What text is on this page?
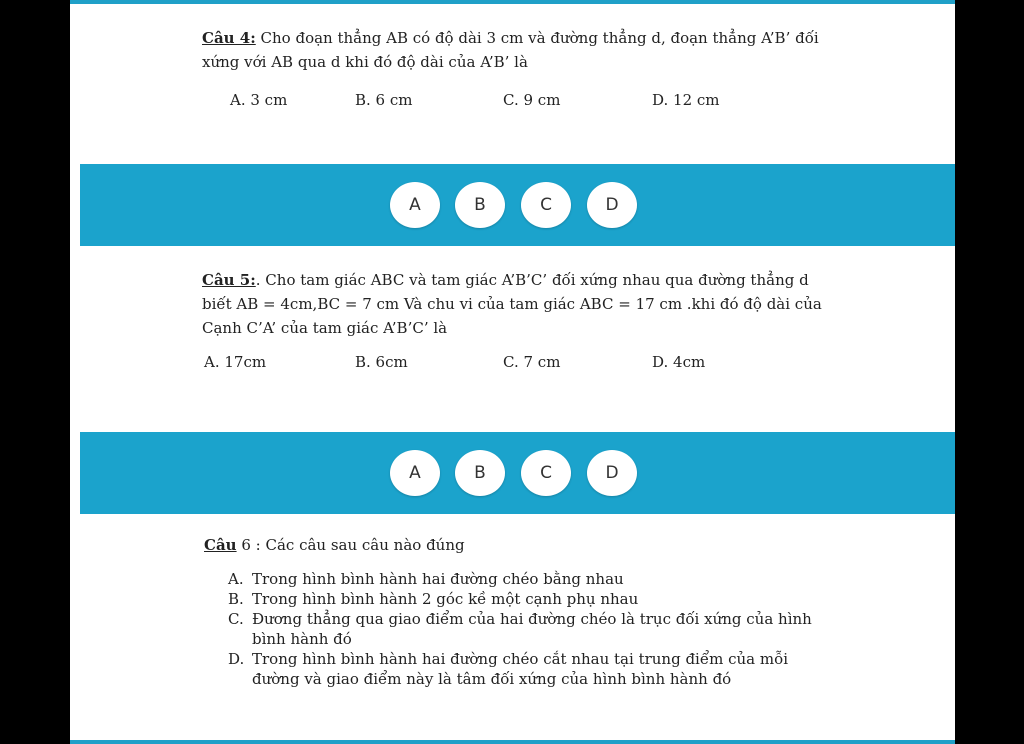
Câu 4: Cho đoạn thẳng AB có độ dài 3 cm và đường thẳng d, đoạn thẳng A’B’ đối xứng với AB qua d khi đó độ dài của A’B’ là
A. 3 cm	B. 6 cm	C. 9 cm	D. 12 cm
A	B	C	D
Câu 5:. Cho tam giác ABC và tam giác A’B’C’ đối xứng nhau qua đường thẳng d biết AB = 4cm,BC = 7 cm Và chu vi của tam giác ABC = 17 cm .khi đó độ dài của Cạnh C’A’ của tam giác A’B’C’ là
A. 17cm	B. 6cm	C. 7 cm	D. 4cm
A	B	C	D
Câu 6 : Các câu sau câu nào đúng
A. Trong hình bình hành hai đường chéo bằng nhau
B. Trong hình bình hành 2 góc kề một cạnh phụ nhau
C. Đương thẳng qua giao điểm của hai đường chéo là trục đối xứng của hình bình hành đó
D. Trong hình bình hành hai đường chéo cắt nhau tại trung điểm của mỗi đường và giao điểm này là tâm đối xứng của hình bình hành đó
